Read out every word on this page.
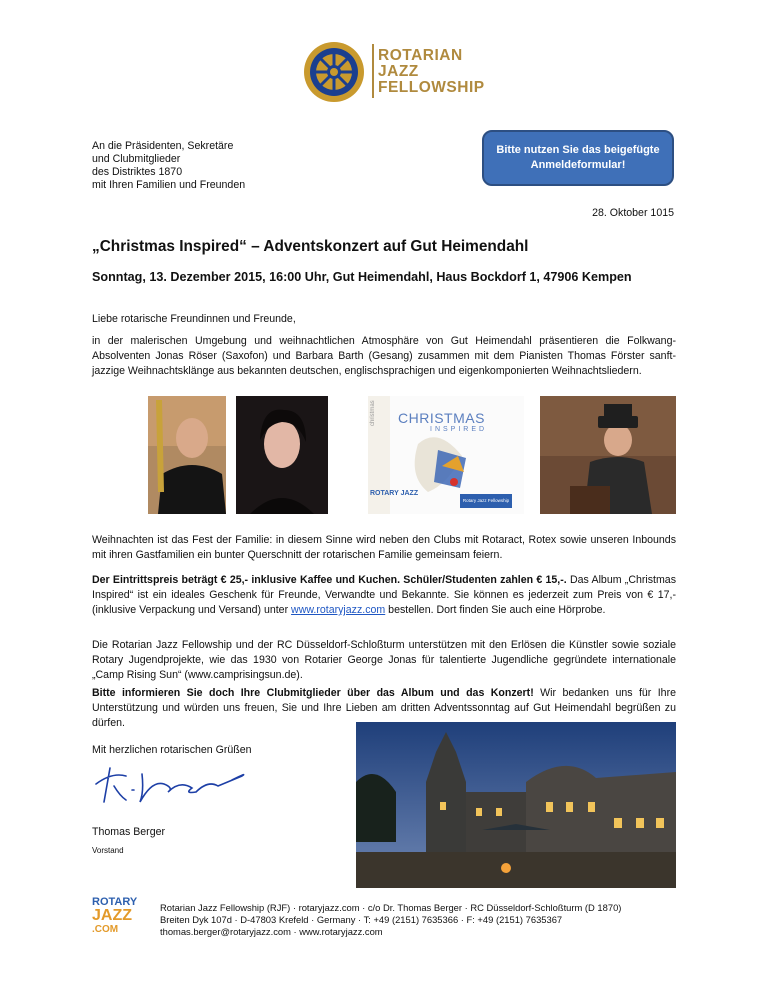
ROTARIAN
JAZZ
FELLOWSHIP
An die Präsidenten, Sekretäre
und Clubmitglieder
des Distriktes 1870
mit Ihren Familien und Freunden
Bitte nutzen Sie das beigefügte Anmeldeformular!
28. Oktober 1015
„Christmas Inspired“ – Adventskonzert auf Gut Heimendahl
Sonntag, 13. Dezember 2015, 16:00 Uhr, Gut Heimendahl, Haus Bockdorf 1, 47906 Kempen
Liebe rotarische Freundinnen und Freunde,
in der malerischen Umgebung und weihnachtlichen Atmosphäre von Gut Heimendahl präsentieren die Folkwang-Absolventen Jonas Röser (Saxofon) und Barbara Barth (Gesang) zusammen mit dem Pianisten Thomas Förster sanft-jazzige Weihnachtsklänge aus bekannten deutschen, englischsprachigen und eigenkomponierten Weihnachtsliedern.
CHRISTMAS
INSPIRED
ROTARY JAZZ
christmas
Rotary Jazz Fellowship
Weihnachten ist das Fest der Familie: in diesem Sinne wird neben den Clubs mit Rotaract, Rotex sowie unseren Inbounds mit ihren Gastfamilien ein bunter Querschnitt der rotarischen Familie gemeinsam feiern.
Der Eintrittspreis beträgt € 25,- inklusive Kaffee und Kuchen. Schüler/Studenten zahlen € 15,-. Das Album „Christmas Inspired“ ist ein ideales Geschenk für Freunde, Verwandte und Bekannte. Sie können es jederzeit zum Preis von € 17,- (inklusive Verpackung und Versand) unter www.rotaryjazz.com bestellen. Dort finden Sie auch eine Hörprobe.
Die Rotarian Jazz Fellowship und der RC Düsseldorf-Schloßturm unterstützen mit den Erlösen die Künstler sowie soziale Rotary Jugendprojekte, wie das 1930 von Rotarier George Jonas für talentierte Jugendliche gegründete internationale „Camp Rising Sun“ (www.camprisingsun.de).
Bitte informieren Sie doch Ihre Clubmitglieder über das Album und das Konzert! Wir bedanken uns für Ihre Unterstützung und würden uns freuen, Sie und Ihre Lieben am dritten Adventssonntag auf Gut Heimendahl begrüßen zu dürfen.
Mit herzlichen rotarischen Grüßen
Thomas Berger
Vorstand
ROTARY
JAZZ
.COM
Rotarian Jazz Fellowship (RJF) · rotaryjazz.com · c/o Dr. Thomas Berger · RC Düsseldorf-Schloßturm (D 1870)
Breiten Dyk 107d · D-47803 Krefeld · Germany · T: +49 (2151) 7635366 · F: +49 (2151) 7635367
thomas.berger@rotaryjazz.com · www.rotaryjazz.com
